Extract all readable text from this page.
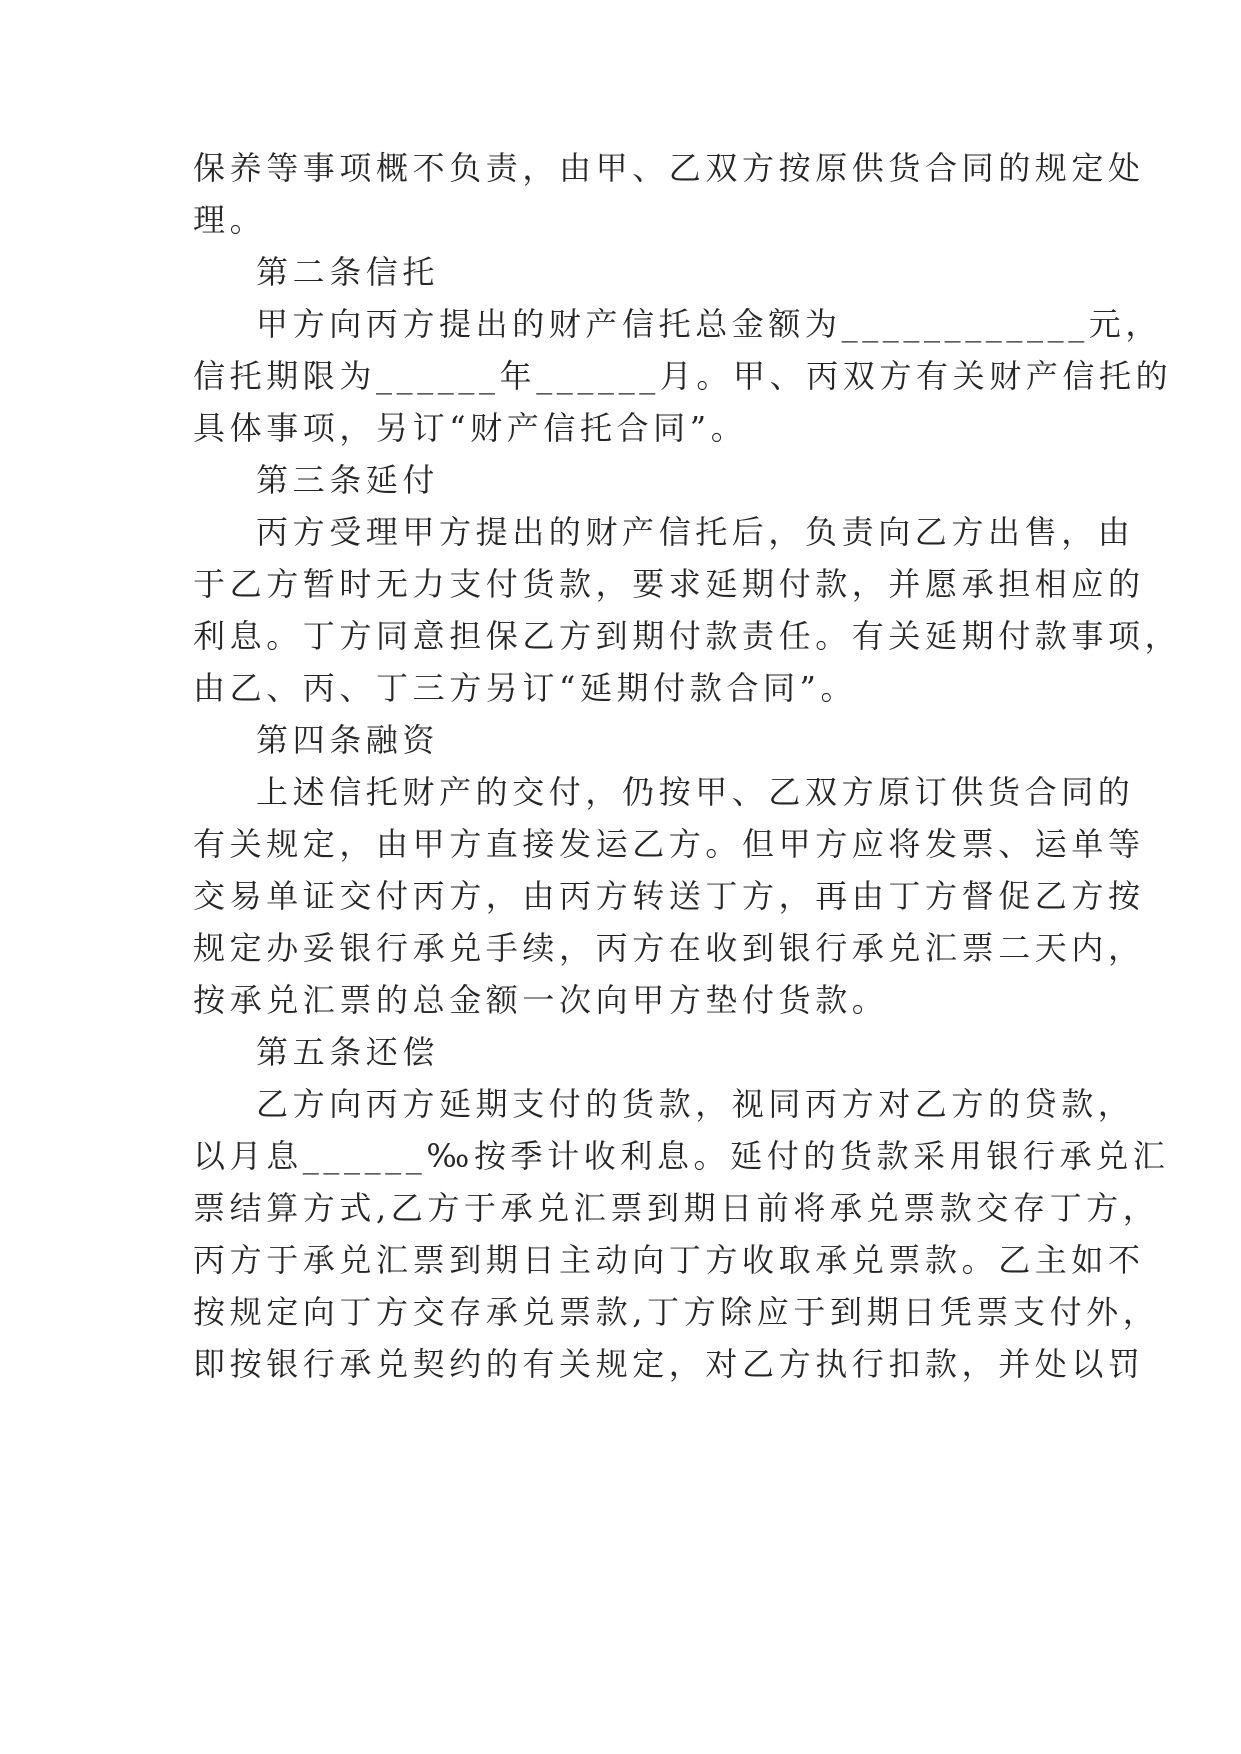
保养等事项概不负责，由甲、乙双方按原供货合同的规定处
理。
第二条信托
甲方向丙方提出的财产信托总金额为____________元，
信托期限为______年______月。甲、丙双方有关财产信托的
具体事项，另订“财产信托合同”。
第三条延付
丙方受理甲方提出的财产信托后，负责向乙方出售，由
于乙方暂时无力支付货款，要求延期付款，并愿承担相应的
利息。丁方同意担保乙方到期付款责任。有关延期付款事项，
由乙、丙、丁三方另订“延期付款合同”。
第四条融资
上述信托财产的交付，仍按甲、乙双方原订供货合同的
有关规定，由甲方直接发运乙方。但甲方应将发票、运单等
交易单证交付丙方，由丙方转送丁方，再由丁方督促乙方按
规定办妥银行承兑手续，丙方在收到银行承兑汇票二天内，
按承兑汇票的总金额一次向甲方垫付货款。
第五条还偿
乙方向丙方延期支付的货款，视同丙方对乙方的贷款，
以月息______‰按季计收利息。延付的货款采用银行承兑汇
票结算方式,乙方于承兑汇票到期日前将承兑票款交存丁方，
丙方于承兑汇票到期日主动向丁方收取承兑票款。乙主如不
按规定向丁方交存承兑票款,丁方除应于到期日凭票支付外，
即按银行承兑契约的有关规定，对乙方执行扣款，并处以罚
